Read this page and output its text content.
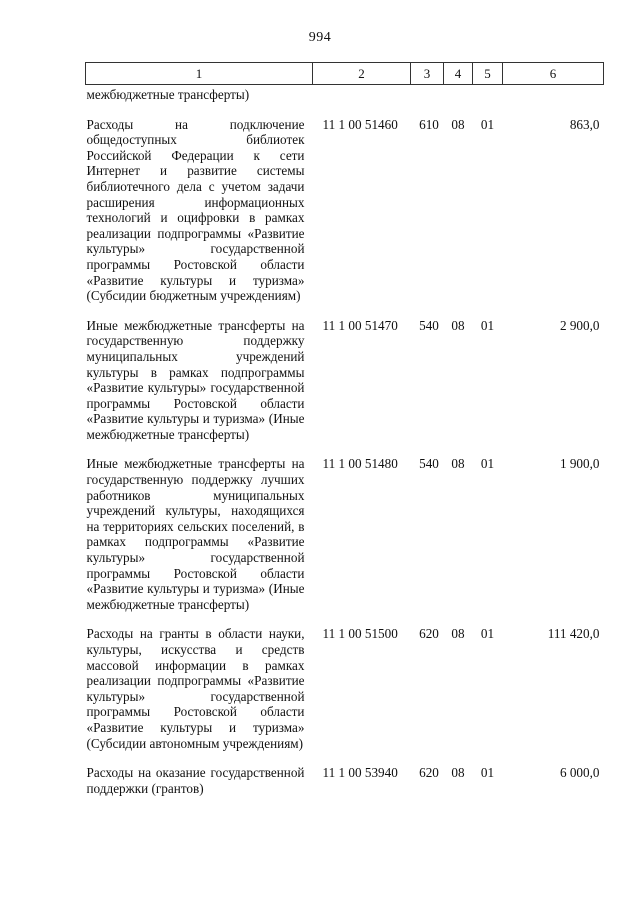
994
1	2	3	4	5	6
межбюджетные трансферты)					
Расходы на подключение общедоступных библиотек Российской Федерации к сети Интернет и развитие системы библиотечного дела с учетом задачи расширения информационных технологий и оцифровки в рамках реализации подпрограммы «Развитие культуры» государственной программы Ростовской области «Развитие культуры и туризма» (Субсидии бюджетным учреждениям)	11 1 00 51460	610	08	01	863,0
Иные межбюджетные трансферты на государственную поддержку муниципальных учреждений культуры в рамках подпрограммы «Развитие культуры» государственной программы Ростовской области «Развитие культуры и туризма» (Иные межбюджетные трансферты)	11 1 00 51470	540	08	01	2 900,0
Иные межбюджетные трансферты на государственную поддержку лучших работников муниципальных учреждений культуры, находящихся на территориях сельских поселений, в рамках подпрограммы «Развитие культуры» государственной программы Ростовской области «Развитие культуры и туризма» (Иные межбюджетные трансферты)	11 1 00 51480	540	08	01	1 900,0
Расходы на гранты в области науки, культуры, искусства и средств массовой информации в рамках реализации подпрограммы «Развитие культуры» государственной программы Ростовской области «Развитие культуры и туризма» (Субсидии автономным учреждениям)	11 1 00 51500	620	08	01	111 420,0
Расходы на оказание государственной поддержки (грантов)	11 1 00 53940	620	08	01	6 000,0
